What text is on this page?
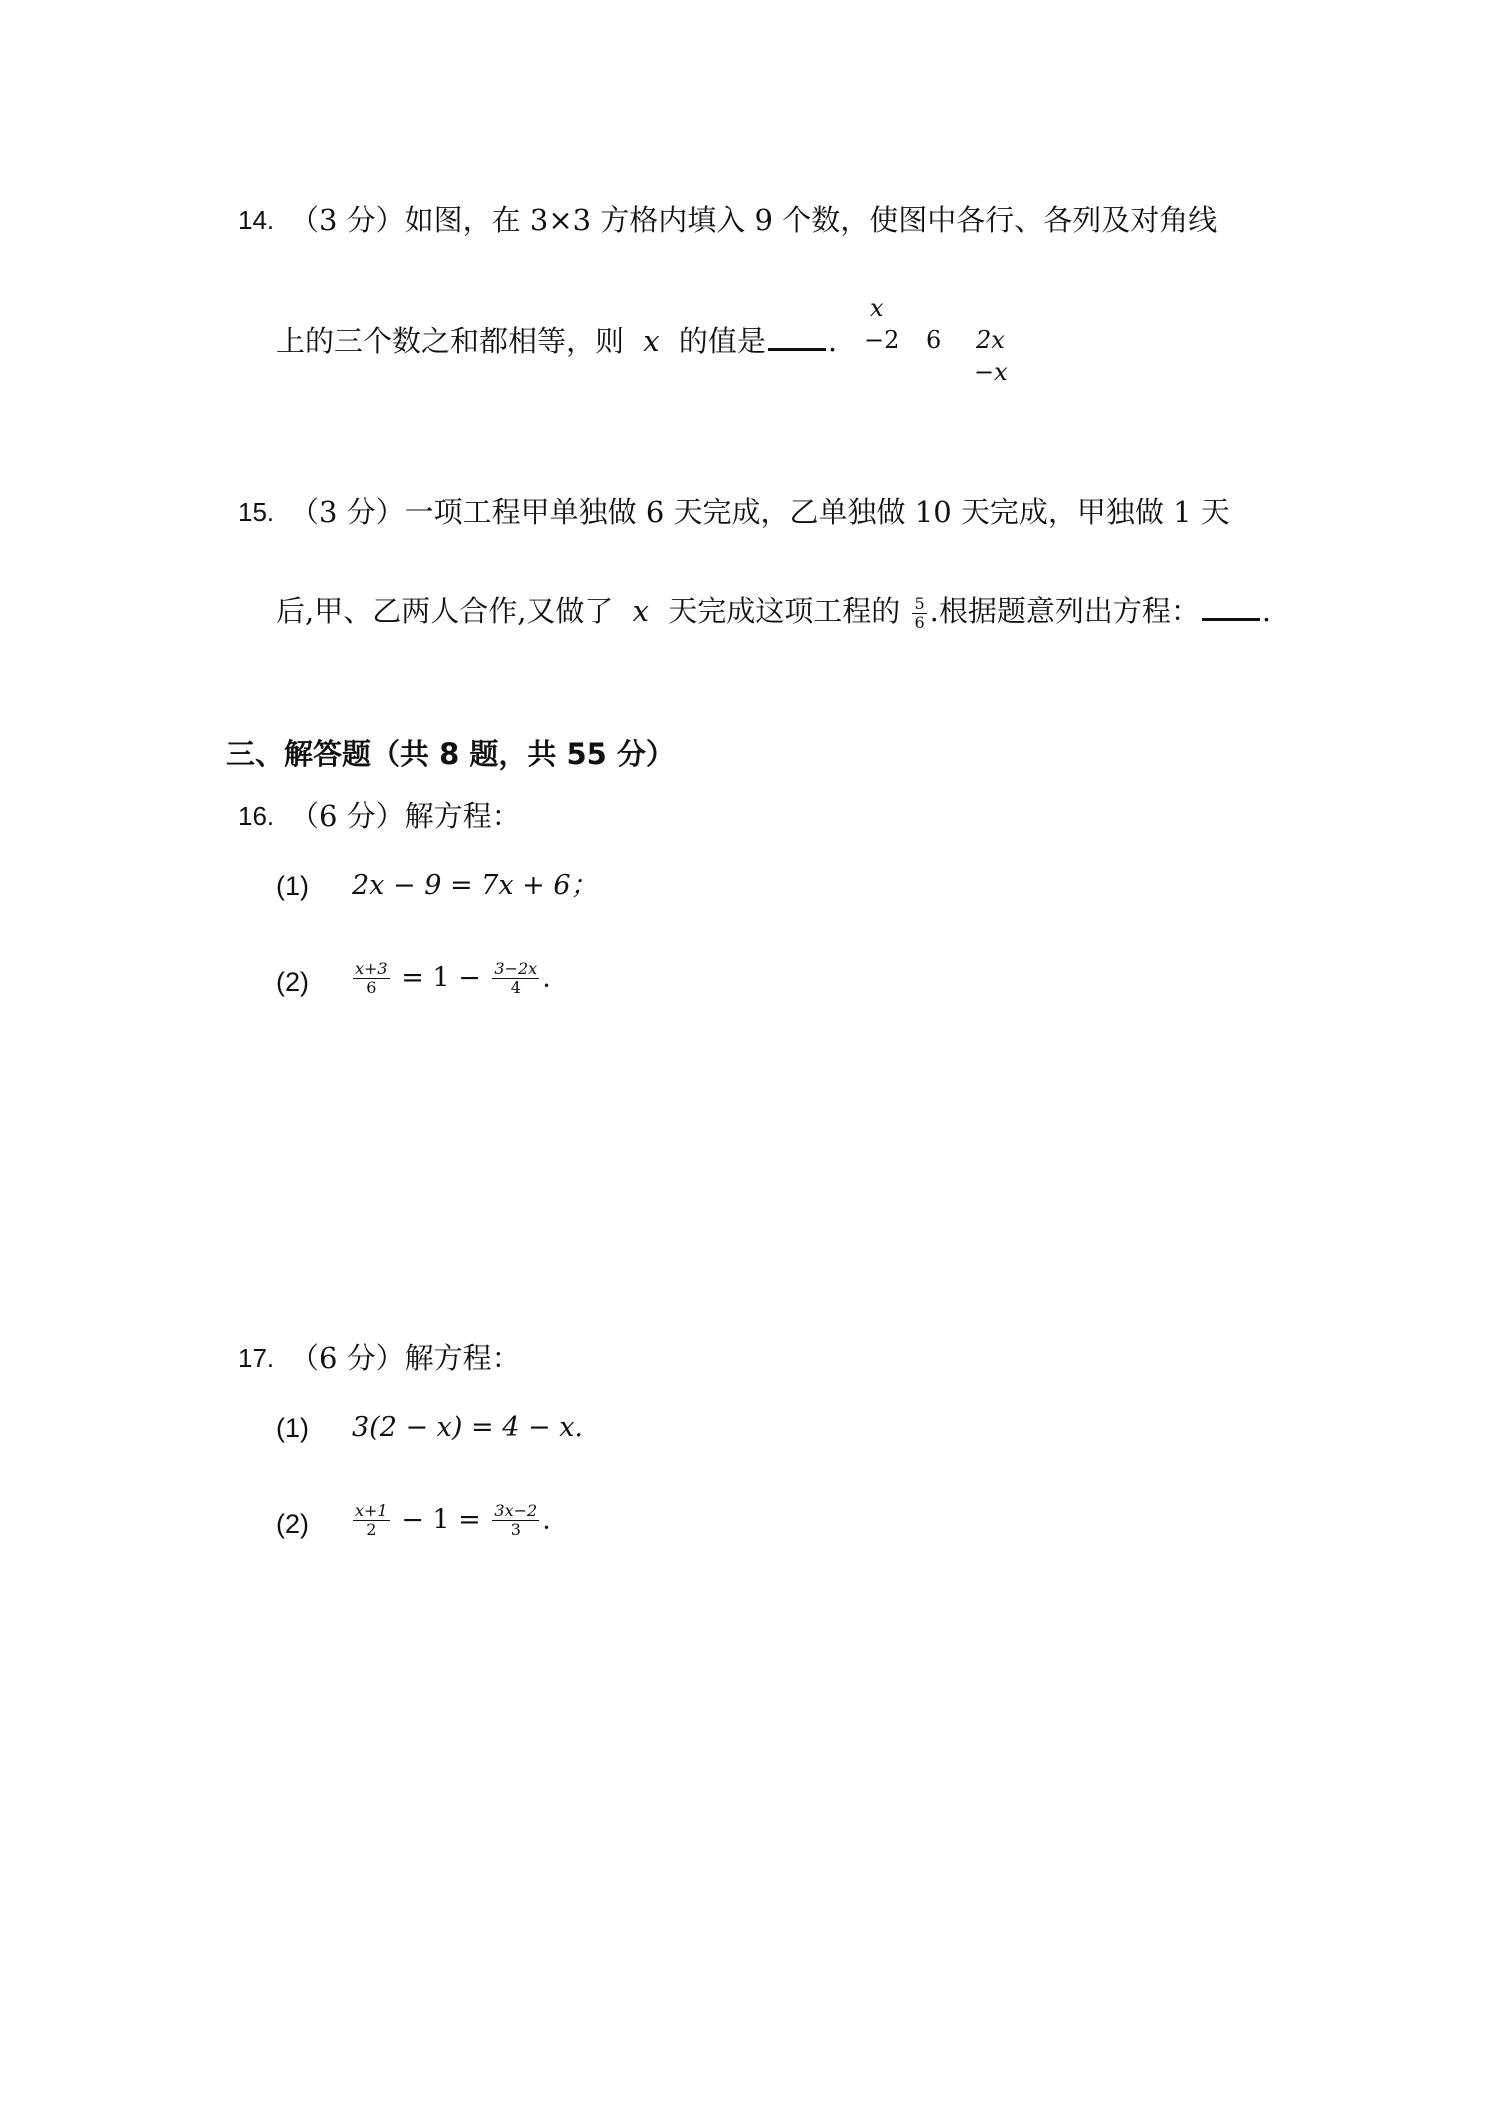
14. （3 分）如图，在 3×3 方格内填入 9 个数，使图中各行、各列及对角线
上的三个数之和都相等，则 x 的值是 .
x
−2 6 2x
−x
15. （3 分）一项工程甲单独做 6 天完成，乙单独做 10 天完成，甲独做 1 天
后,甲、乙两人合作,又做了 x 天完成这项工程的 $\frac{5}{6}$ .根据题意列出方程： .
三、解答题（共 8 题，共 55 分）
16. （6 分）解方程：
(1) 2x − 9 = 7x + 6；
(2)	$\frac{x+3}{6} = 1 - \frac{3-2x}{4}$ .
17. （6 分）解方程：
(1) 3(2 − x) = 4 − x.
(2)	$\frac{x+1}{2} - 1 = \frac{3x-2}{3}$ .
